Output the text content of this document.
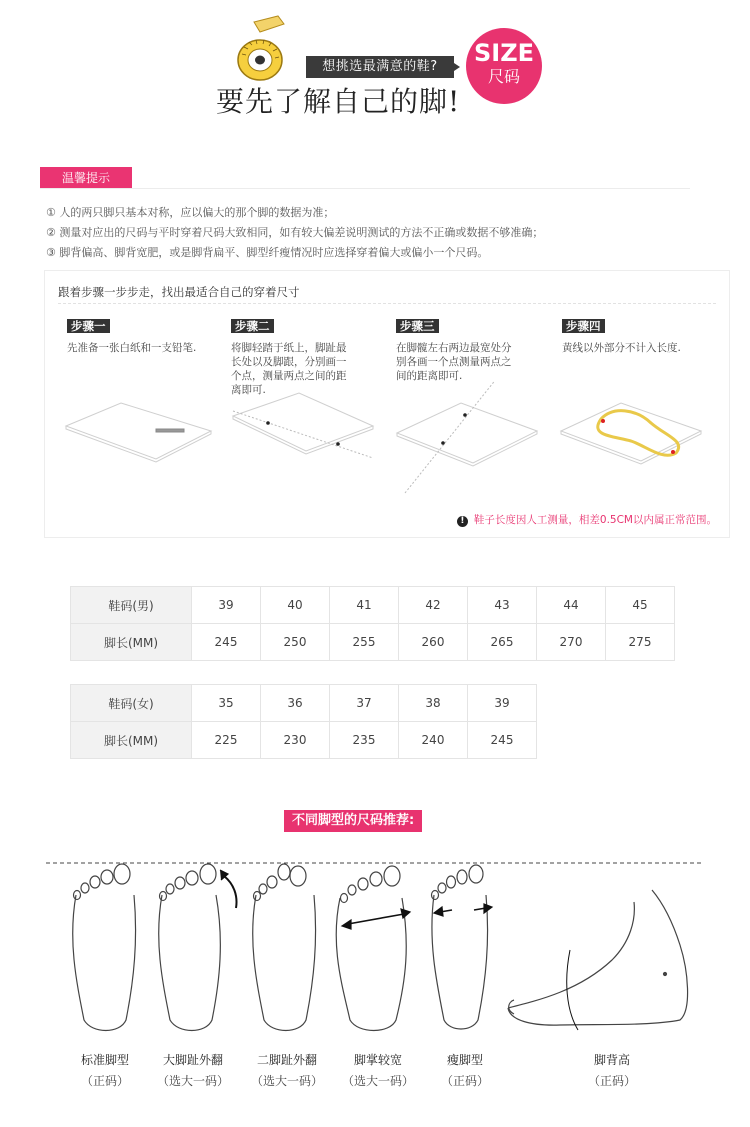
想挑选最满意的鞋?
要先了解自己的脚!
SIZE
尺码
温馨提示
① 人的两只脚只基本对称，应以偏大的那个脚的数据为准；
② 测量对应出的尺码与平时穿着尺码大致相同，如有较大偏差说明测试的方法不正确或数据不够准确；
③ 脚背偏高、脚背宽肥，或是脚背扁平、脚型纤瘦情况时应选择穿着偏大或偏小一个尺码。
跟着步骤一步步走，找出最适合自己的穿着尺寸
步骤一
先准备一张白纸和一支铅笔.
步骤二
将脚轻踏于纸上，脚趾最
长处以及脚跟，分别画一
个点，测量两点之间的距
离即可.
步骤三
在脚髋左右两边最宽处分
别各画一个点测量两点之
间的距离即可.
步骤四
黄线以外部分不计入长度.
! 鞋子长度因人工测量，相差0.5CM以内属正常范围。
鞋码(男)	39	40	41	42	43	44	45
脚长(MM)	245	250	255	260	265	270	275
鞋码(女)	35	36	37	38	39
脚长(MM)	225	230	235	240	245
不同脚型的尺码推荐:
标准脚型	大脚趾外翻	二脚趾外翻	脚掌较宽	瘦脚型	脚背高
（正码）	（选大一码）	（选大一码）	（选大一码）	（正码）	（正码）
